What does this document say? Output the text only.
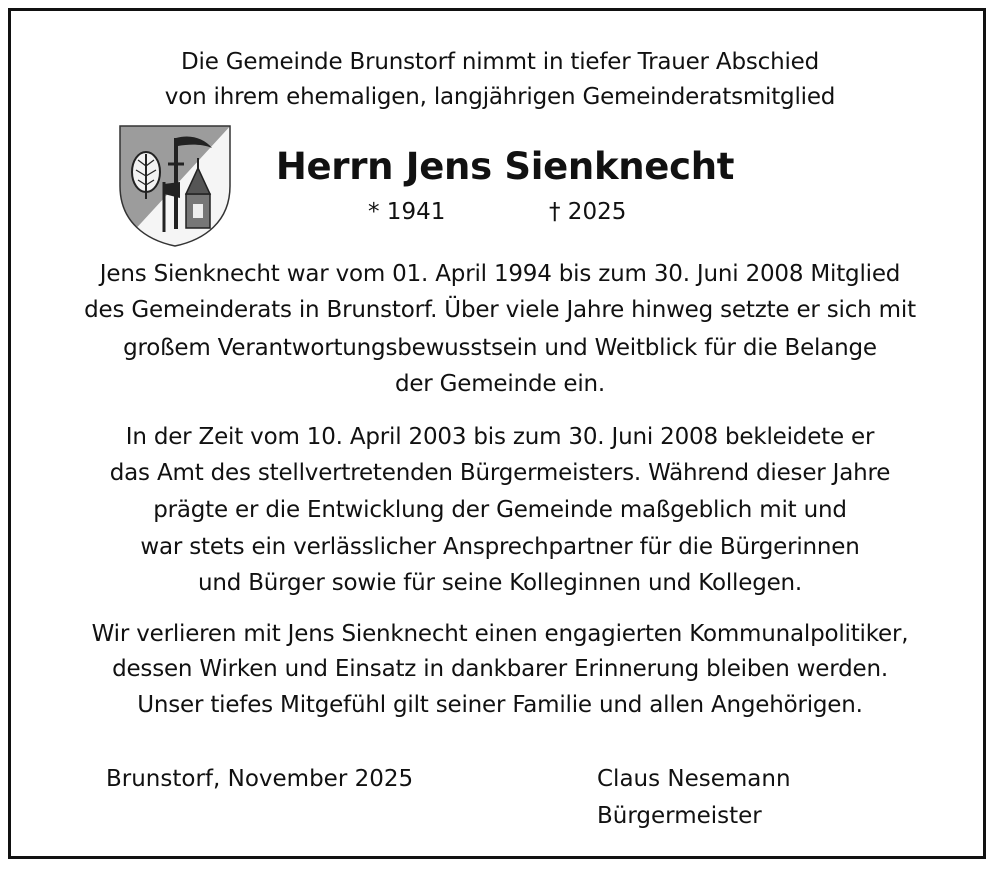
Die Gemeinde Brunstorf nimmt in tiefer Trauer Abschied
von ihrem ehemaligen, langjährigen Gemeinderatsmitglied
Herrn Jens Sienknecht
* 1941	† 2025
Jens Sienknecht war vom 01. April 1994 bis zum 30. Juni 2008 Mitglied
des Gemeinderats in Brunstorf. Über viele Jahre hinweg setzte er sich mit
großem Verantwortungsbewusstsein und Weitblick für die Belange
der Gemeinde ein.
In der Zeit vom 10. April 2003 bis zum 30. Juni 2008 bekleidete er
das Amt des stellvertretenden Bürgermeisters. Während dieser Jahre
prägte er die Entwicklung der Gemeinde maßgeblich mit und
war stets ein verlässlicher Ansprechpartner für die Bürgerinnen
und Bürger sowie für seine Kolleginnen und Kollegen.
Wir verlieren mit Jens Sienknecht einen engagierten Kommunalpolitiker,
dessen Wirken und Einsatz in dankbarer Erinnerung bleiben werden.
Unser tiefes Mitgefühl gilt seiner Familie und allen Angehörigen.
Brunstorf, November 2025	Claus Nesemann
Bürgermeister
